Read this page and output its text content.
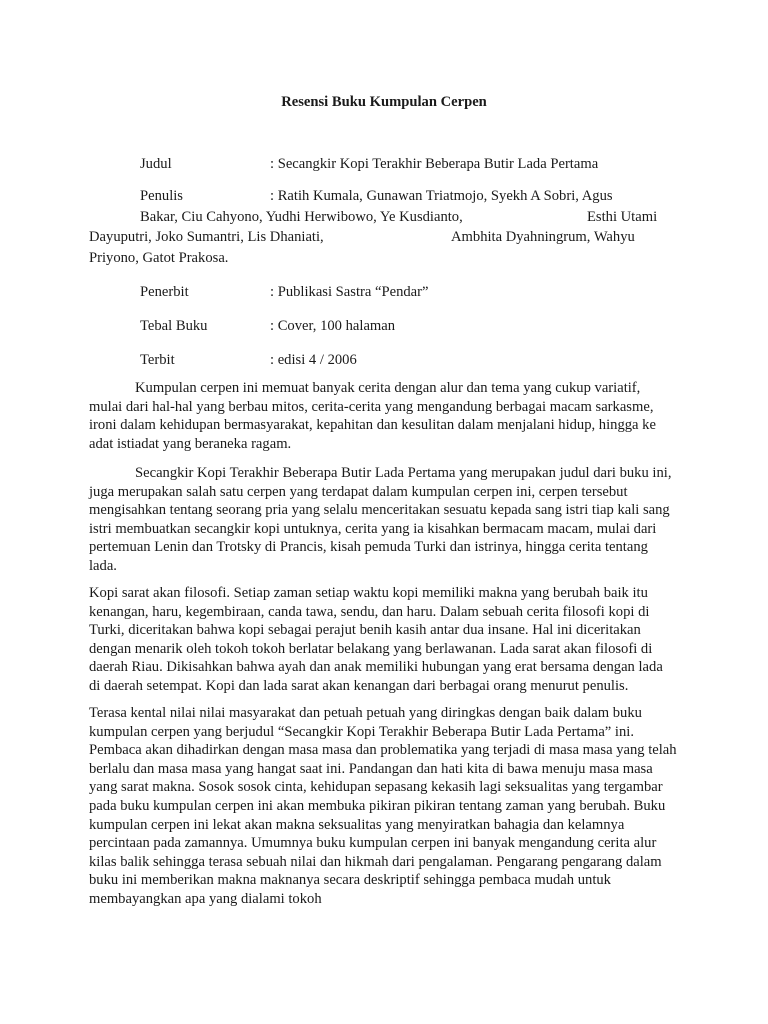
Resensi Buku Kumpulan Cerpen
Judul	: Secangkir Kopi Terakhir Beberapa Butir Lada Pertama
Penulis	: Ratih Kumala, Gunawan Triatmojo, Syekh A Sobri, Agus
Bakar, Ciu Cahyono, Yudhi Herwibowo, Ye Kusdianto,	Esthi Utami
Dayuputri, Joko Sumantri, Lis Dhaniati,	Ambhita Dyahningrum, Wahyu
Priyono, Gatot Prakosa.
Penerbit	: Publikasi Sastra “Pendar”
Tebal Buku	: Cover, 100 halaman
Terbit	: edisi 4 / 2006

Kumpulan cerpen ini memuat banyak cerita dengan alur dan tema yang cukup variatif, mulai dari hal-hal yang berbau mitos, cerita-cerita yang mengandung berbagai macam sarkasme, ironi dalam kehidupan bermasyarakat, kepahitan dan kesulitan dalam menjalani hidup, hingga ke adat istiadat yang beraneka ragam.

Secangkir Kopi Terakhir Beberapa Butir Lada Pertama yang merupakan judul dari buku ini, juga merupakan salah satu cerpen yang terdapat dalam kumpulan cerpen ini, cerpen tersebut mengisahkan tentang seorang pria yang selalu menceritakan sesuatu kepada sang istri tiap kali sang istri membuatkan secangkir kopi untuknya, cerita yang ia kisahkan bermacam macam, mulai dari pertemuan Lenin dan Trotsky di Prancis, kisah pemuda Turki dan istrinya, hingga cerita tentang lada.

Kopi sarat akan filosofi. Setiap zaman setiap waktu kopi memiliki makna yang berubah baik itu kenangan, haru, kegembiraan, canda tawa, sendu, dan haru. Dalam sebuah cerita filosofi kopi di Turki, diceritakan bahwa kopi sebagai perajut benih kasih antar dua insane. Hal ini diceritakan dengan menarik oleh tokoh tokoh berlatar belakang yang berlawanan. Lada sarat akan filosofi di daerah Riau. Dikisahkan bahwa ayah dan anak memiliki hubungan yang erat bersama dengan lada di daerah setempat. Kopi dan lada sarat akan kenangan dari berbagai orang menurut penulis.

Terasa kental nilai nilai masyarakat dan petuah petuah yang diringkas dengan baik dalam buku kumpulan cerpen yang berjudul “Secangkir Kopi Terakhir Beberapa Butir Lada Pertama” ini. Pembaca akan dihadirkan dengan masa masa dan problematika yang terjadi di masa masa yang telah berlalu dan masa masa yang hangat saat ini. Pandangan dan hati kita di bawa menuju masa masa yang sarat makna. Sosok sosok cinta, kehidupan sepasang kekasih lagi seksualitas yang tergambar pada buku kumpulan cerpen ini akan membuka pikiran pikiran tentang zaman yang berubah. Buku kumpulan cerpen ini lekat akan makna seksualitas yang menyiratkan bahagia dan kelamnya percintaan pada zamannya. Umumnya buku kumpulan cerpen ini banyak mengandung cerita alur kilas balik sehingga terasa sebuah nilai dan hikmah dari pengalaman. Pengarang pengarang dalam buku ini memberikan makna maknanya secara deskriptif sehingga pembaca mudah untuk membayangkan apa yang dialami tokoh
